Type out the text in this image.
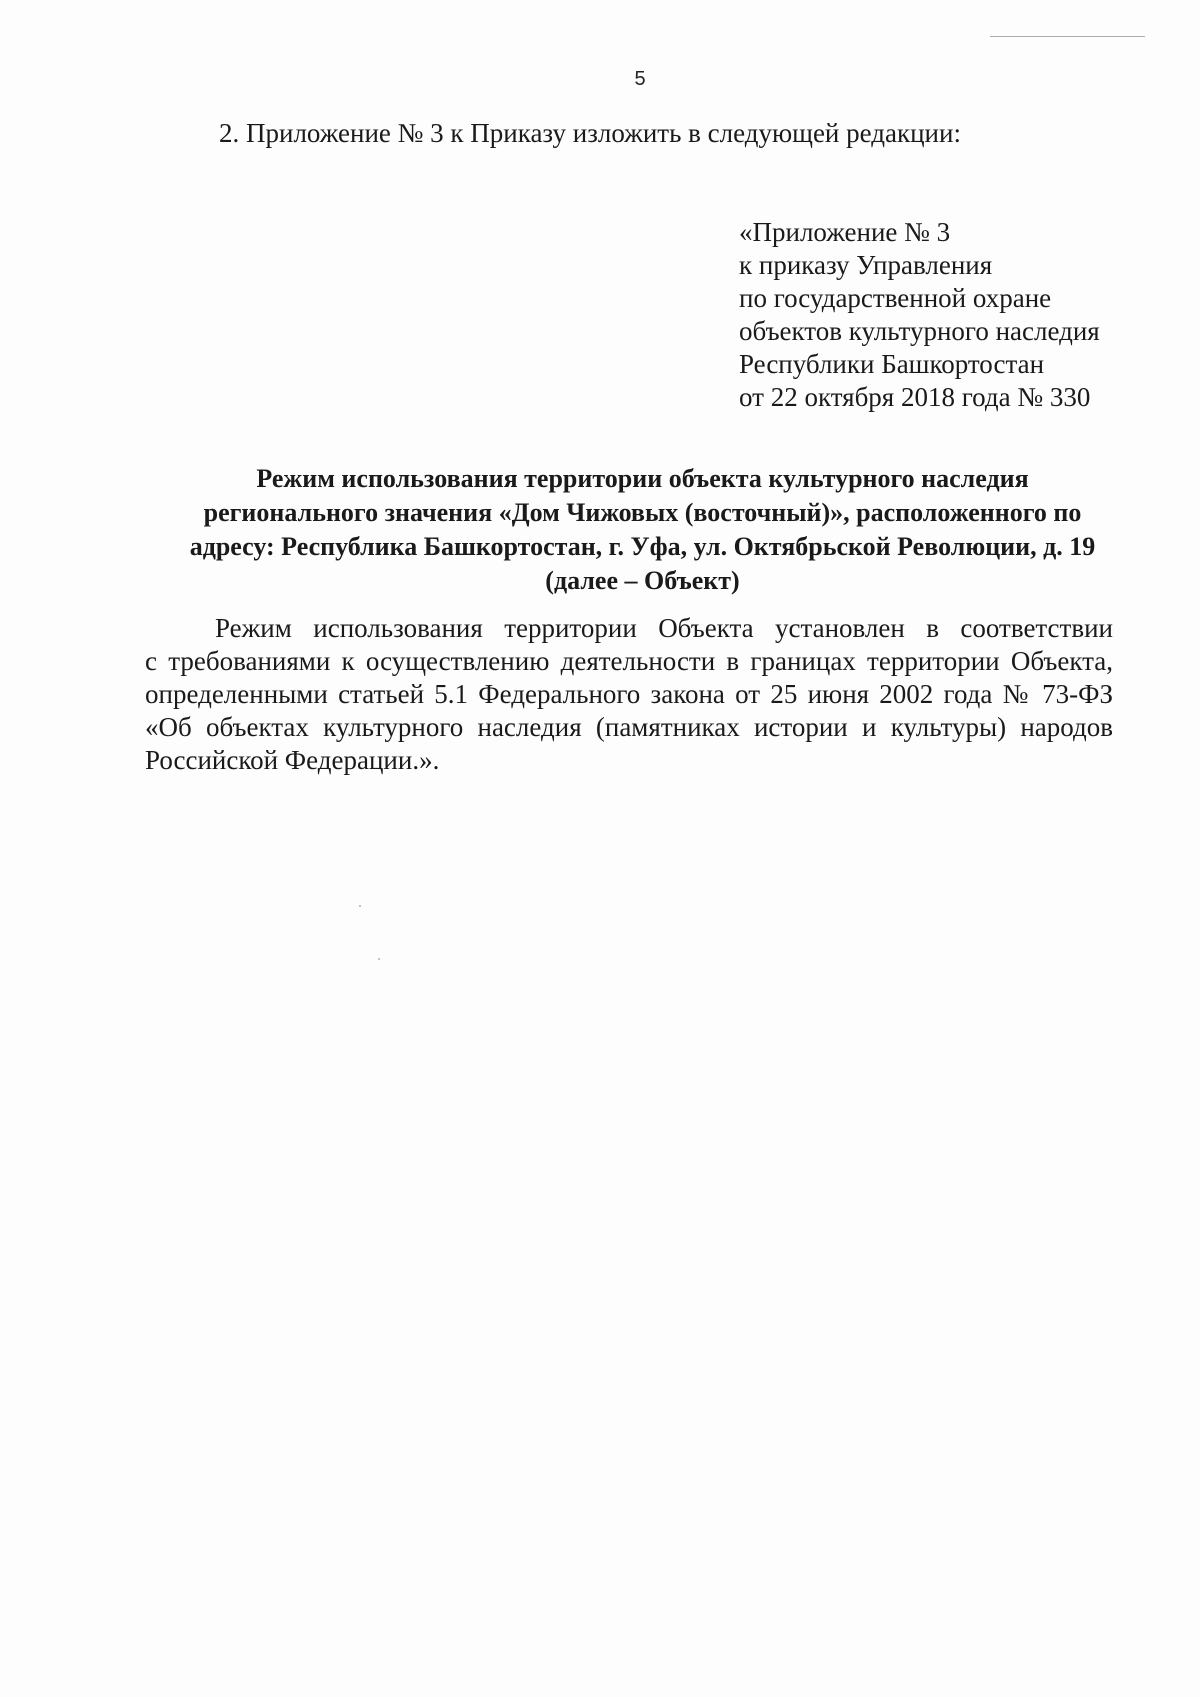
5
2. Приложение № 3 к Приказу изложить в следующей редакции:
«Приложение № 3
к приказу Управления
по государственной охране
объектов культурного наследия
Республики Башкортостан
от 22 октября 2018 года № 330
Режим использования территории объекта культурного наследия
регионального значения «Дом Чижовых (восточный)», расположенного по
адресу: Республика Башкортостан, г. Уфа, ул. Октябрьской Революции, д. 19
(далее – Объект)
Режим использования территории Объекта установлен в соответствии
с требованиями к осуществлению деятельности в границах территории Объекта,
определенными статьей 5.1 Федерального закона от 25 июня 2002 года № 73-ФЗ
«Об объектах культурного наследия (памятниках истории и культуры) народов
Российской Федерации.».
